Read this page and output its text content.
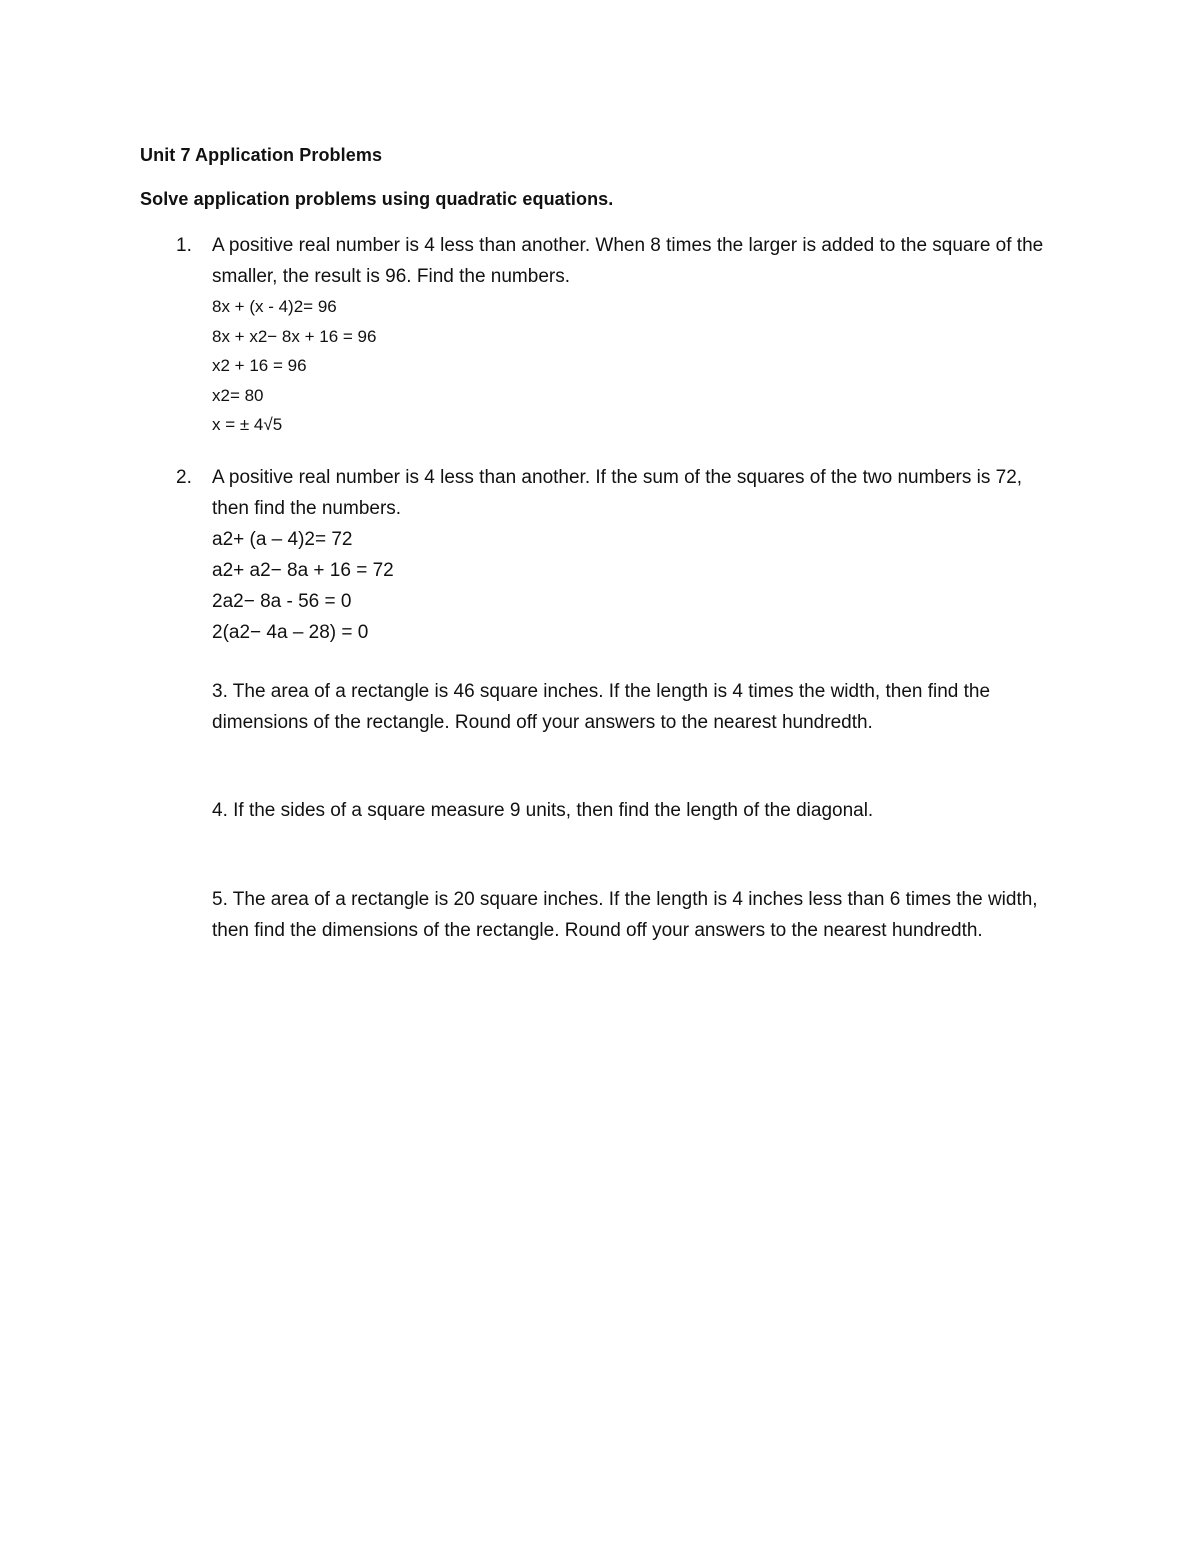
Unit 7 Application Problems
Solve application problems using quadratic equations.
1. A positive real number is 4 less than another. When 8 times the larger is added to the square of the smaller, the result is 96. Find the numbers.
8x + (x - 4)2= 96
8x + x2− 8x + 16 = 96
x2 + 16 = 96
x2= 80
x = ± 4√5
2. A positive real number is 4 less than another. If the sum of the squares of the two numbers is 72, then find the numbers.
a2+ (a – 4)2= 72
a2+ a2− 8a + 16 = 72
2a2− 8a - 56 = 0
2(a2− 4a – 28) = 0
3. The area of a rectangle is 46 square inches. If the length is 4 times the width, then find the dimensions of the rectangle. Round off your answers to the nearest hundredth.
4. If the sides of a square measure 9 units, then find the length of the diagonal.
5. The area of a rectangle is 20 square inches. If the length is 4 inches less than 6 times the width, then find the dimensions of the rectangle. Round off your answers to the nearest hundredth.
